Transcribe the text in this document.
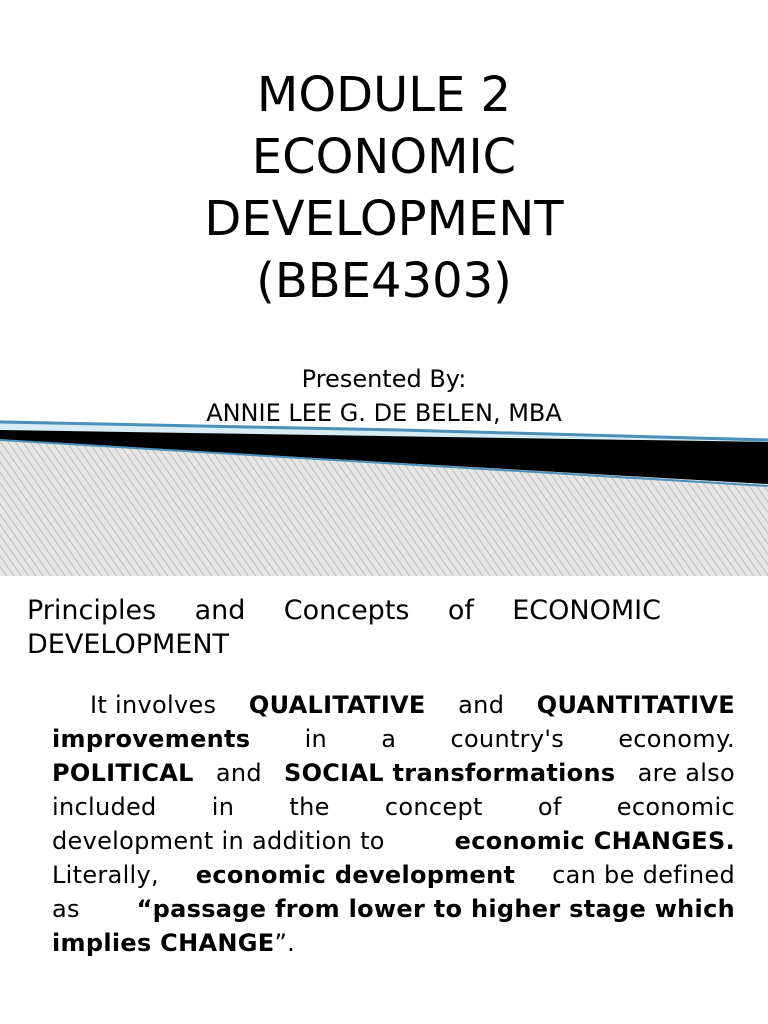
MODULE 2
ECONOMIC
DEVELOPMENT
(BBE4303)
Presented By:
ANNIE LEE G. DE BELEN, MBA
Principles and Concepts of ECONOMIC
DEVELOPMENT
It involves QUALITATIVE and QUANTITATIVE
improvements in a country's economy.
POLITICAL and SOCIAL transformations are also
included in the concept of economic
development in addition to	economic CHANGES.
Literally, economic development can be defined
as “passage from lower to higher stage which
implies CHANGE ”.
